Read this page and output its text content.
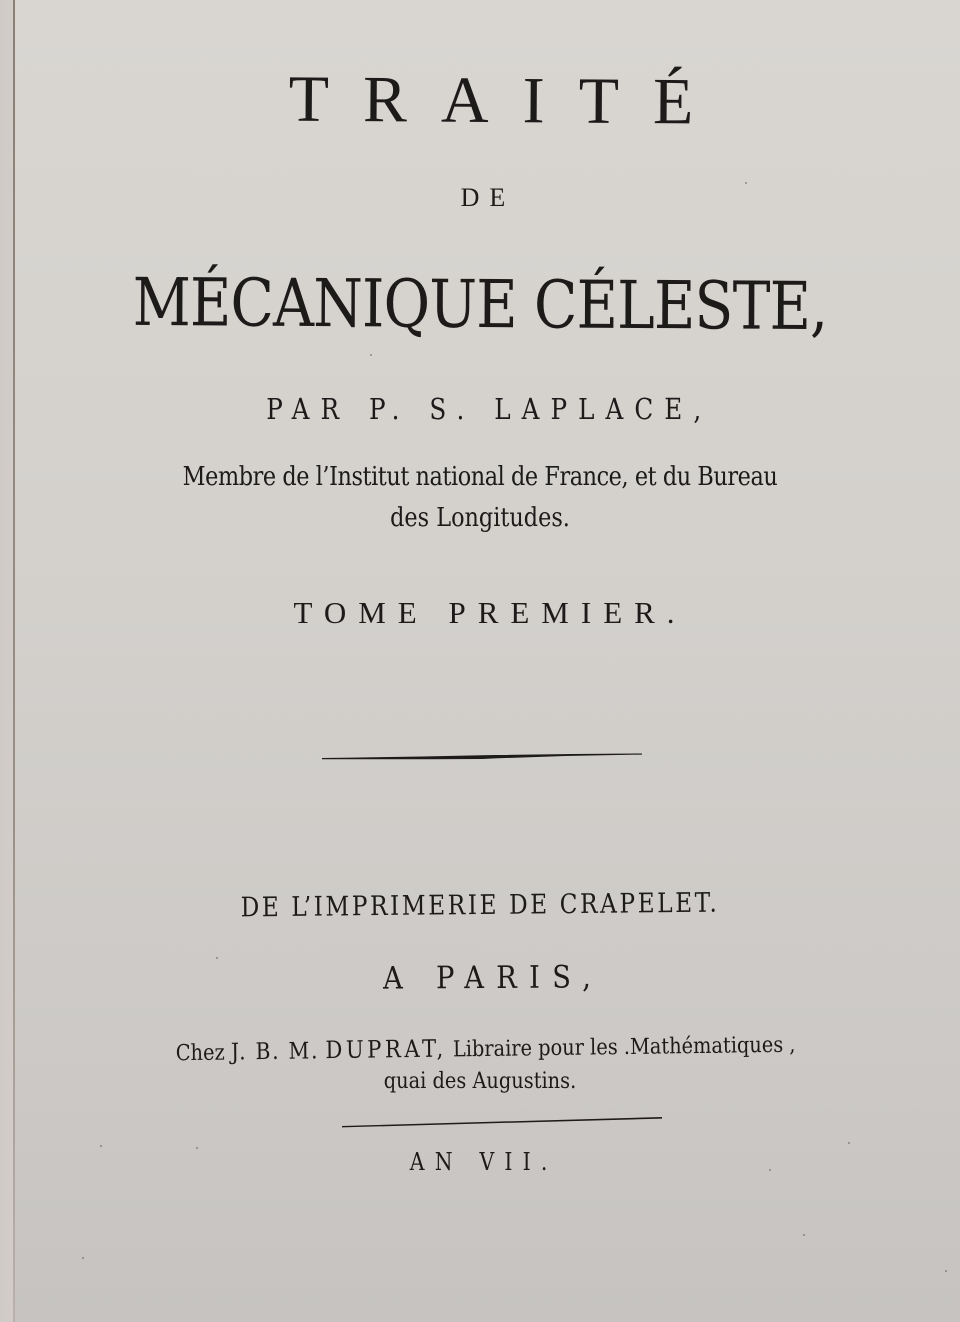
TRAITÉ
DE
MÉCANIQUE CÉLESTE,
PAR P. S. LAPLACE,
Membre de l’Institut national de France, et du Bureau
des Longitudes.
TOME PREMIER.
DE L’IMPRIMERIE DE CRAPELET.
A PARIS,
Chez J. B. M. DUPRAT, Libraire pour les .Mathématiques ,
quai des Augustins.
AN VII.
